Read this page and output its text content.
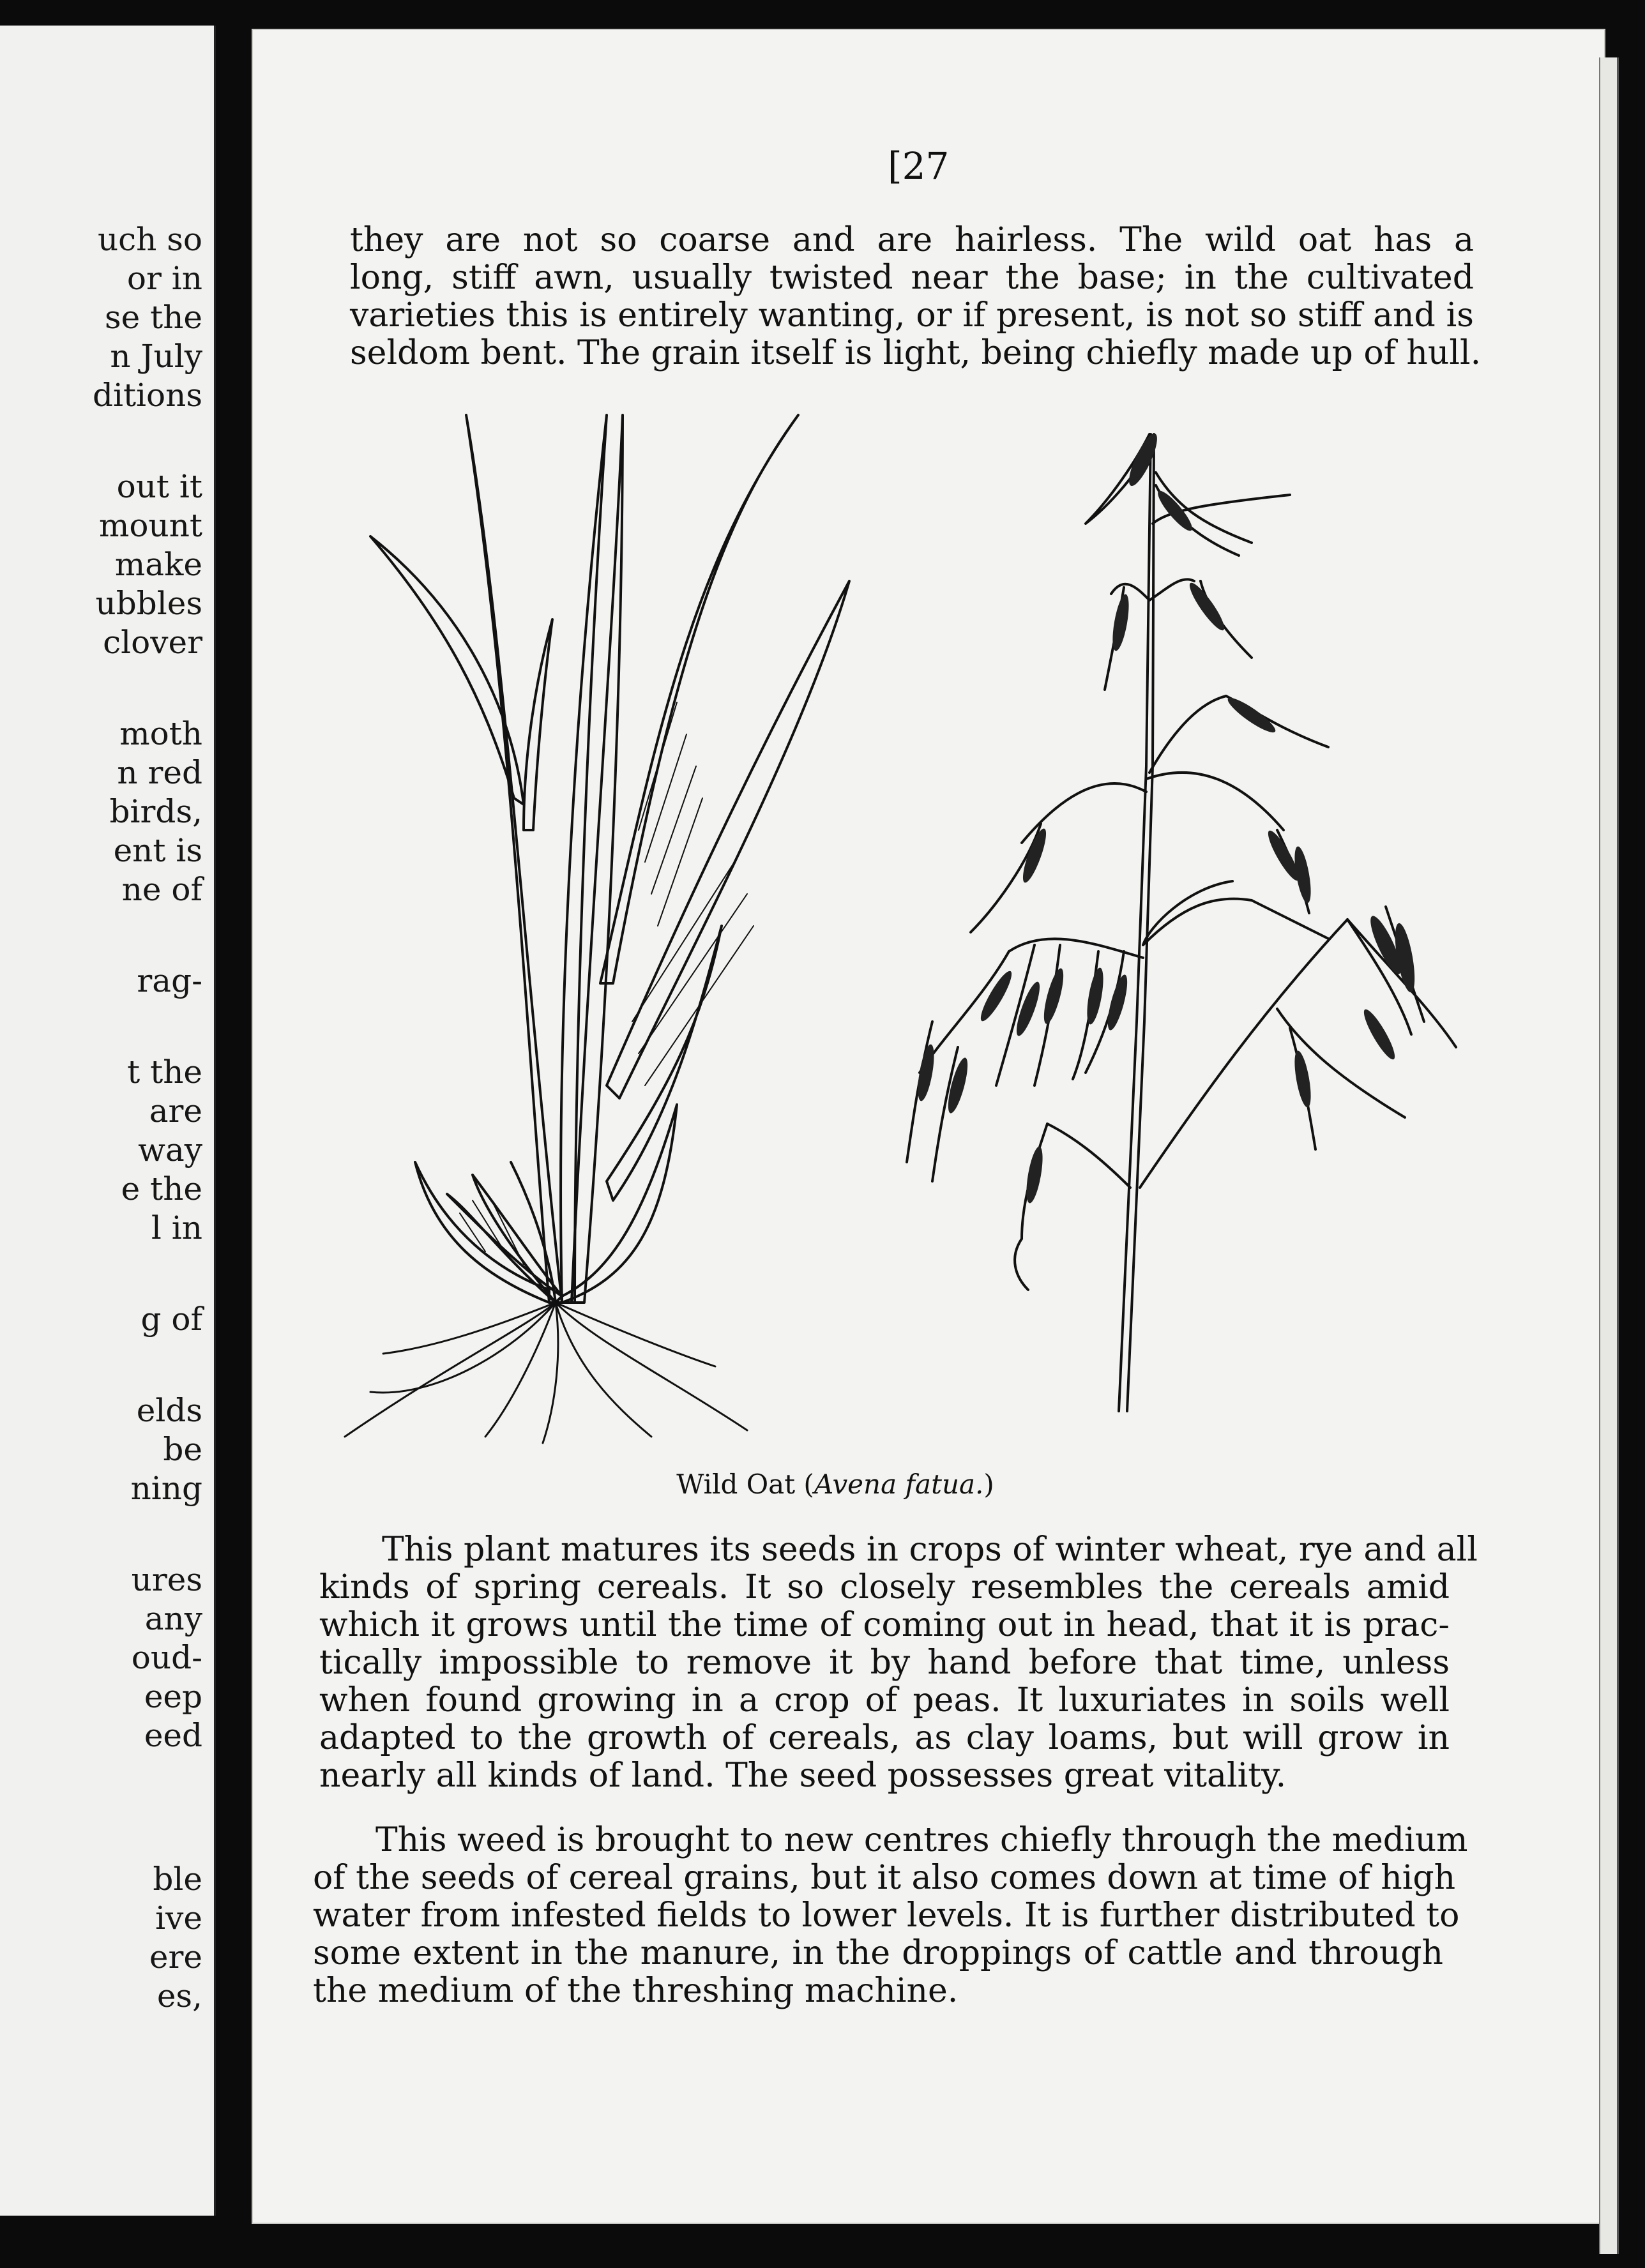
uch so
or in
se the
n July
ditions
out it
mount
make
ubbles
clover
moth
n red
birds,
ent is
ne of
rag-
t the
are
way
e the
l in
g of
elds
be
ning
ures
any
oud-
eep
eed
ble
ive
ere
es,
[27
they are not so coarse and are hairless. The wild oat has a
long, stiff awn, usually twisted near the base; in the cultivated
varieties this is entirely wanting, or if present, is not so stiff and is
seldom bent. The grain itself is light, being chiefly made up of hull.
Wild Oat (Avena fatua.)
This plant matures its seeds in crops of winter wheat, rye and all
kinds of spring cereals. It so closely resembles the cereals amid
which it grows until the time of coming out in head, that it is prac-
tically impossible to remove it by hand before that time, unless
when found growing in a crop of peas. It luxuriates in soils well
adapted to the growth of cereals, as clay loams, but will grow in
nearly all kinds of land. The seed possesses great vitality.
This weed is brought to new centres chiefly through the medium
of the seeds of cereal grains, but it also comes down at time of high
water from infested fields to lower levels. It is further distributed to
some extent in the manure, in the droppings of cattle and through
the medium of the threshing machine.
